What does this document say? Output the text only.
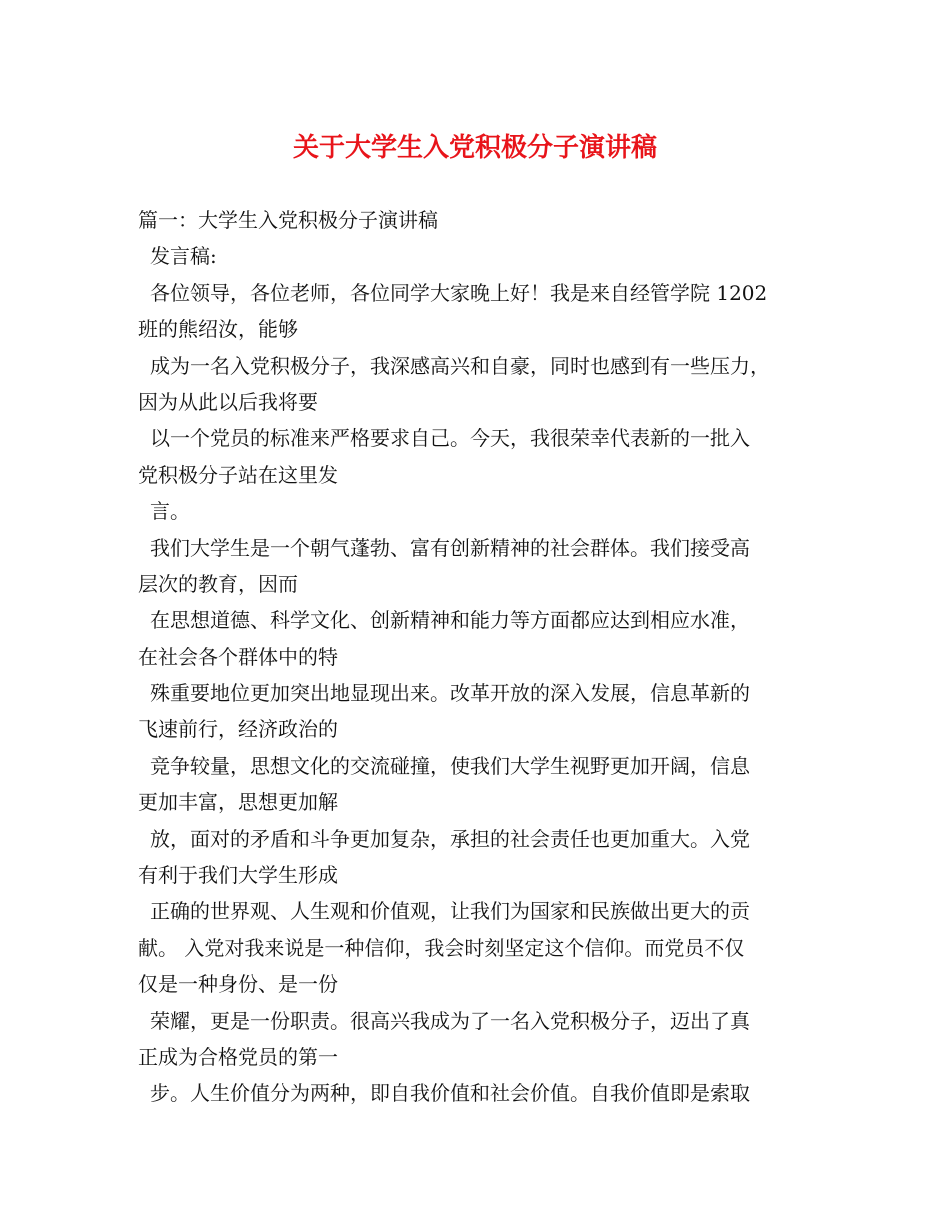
关于大学生入党积极分子演讲稿
篇一：大学生入党积极分子演讲稿
发言稿:
各位领导，各位老师，各位同学大家晚上好！我是来自经管学院 1202
班的熊绍汝，能够
成为一名入党积极分子，我深感高兴和自豪，同时也感到有一些压力，
因为从此以后我将要
以一个党员的标准来严格要求自己。今天，我很荣幸代表新的一批入
党积极分子站在这里发
言。
我们大学生是一个朝气蓬勃、富有创新精神的社会群体。我们接受高
层次的教育，因而
在思想道德、科学文化、创新精神和能力等方面都应达到相应水准，
在社会各个群体中的特
殊重要地位更加突出地显现出来。改革开放的深入发展，信息革新的
飞速前行，经济政治的
竞争较量，思想文化的交流碰撞，使我们大学生视野更加开阔，信息
更加丰富，思想更加解
放，面对的矛盾和斗争更加复杂，承担的社会责任也更加重大。入党
有利于我们大学生形成
正确的世界观、人生观和价值观，让我们为国家和民族做出更大的贡
献。 入党对我来说是一种信仰，我会时刻坚定这个信仰。而党员不仅
仅是一种身份、是一份
荣耀，更是一份职责。很高兴我成为了一名入党积极分子，迈出了真
正成为合格党员的第一
步。人生价值分为两种，即自我价值和社会价值。自我价值即是索取
